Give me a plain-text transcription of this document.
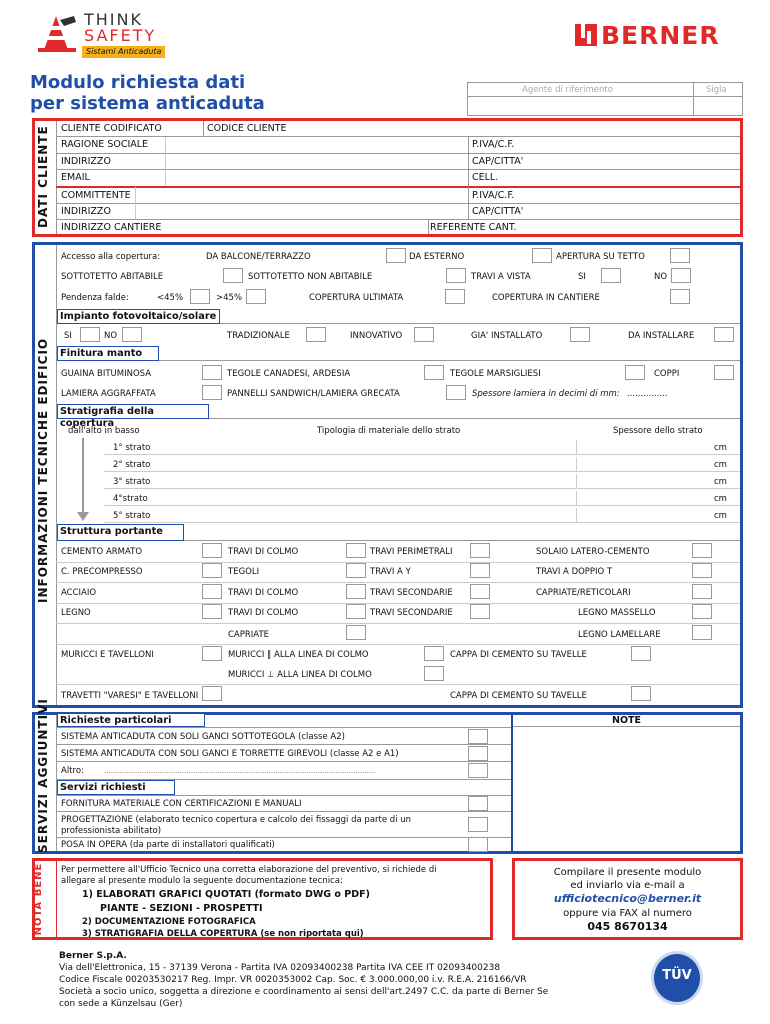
THINK
SAFETY
Sistami Anticaduta
BERNER
Modulo richiesta dati
per sistema anticaduta
Agente di riferimento	Sigla
DATI CLIENTE CLIENTE CODIFICATO	CODICE CLIENTE
RAGIONE SOCIALE	P.IVA/C.F.
INDIRIZZO	CAP/CITTA'
EMAIL	CELL.
COMMITTENTE	P.IVA/C.F.
INDIRIZZO	CAP/CITTA'
INDIRIZZO CANTIERE	REFERENTE CANT.
INFORMAZIONI TECNICHE EDIFICIO
Accesso alla copertura:	DA BALCONE/TERRAZZO	DA ESTERNO	APERTURA SU TETTO
SOTTOTETTO ABITABILE	SOTTOTETTO NON ABITABILE	TRAVI A VISTA	SI	NO
Pendenza falde:	<45%	>45%	COPERTURA ULTIMATA	COPERTURA IN CANTIERE
Impianto fotovoltaico/solare
SI	NO	TRADIZIONALE	INNOVATIVO	GIA' INSTALLATO	DA INSTALLARE
Finitura manto
GUAINA BITUMINOSA	TEGOLE CANADESI, ARDESIA	TEGOLE MARSIGLIESI	COPPI
LAMIERA AGGRAFFATA	PANNELLI SANDWICH/LAMIERA GRECATA	Spessore lamiera in decimi di mm: ...............
Stratigrafia della copertura
dall'alto in basso	Tipologia di materiale dello strato	Spessore dello strato
1° strato	cm
2° strato	cm
3° strato	cm
4°strato	cm
5° strato	cm
Struttura portante
CEMENTO ARMATO	TRAVI DI COLMO	TRAVI PERIMETRALI	SOLAIO LATERO-CEMENTO
C. PRECOMPRESSO	TEGOLI	TRAVI A Y	TRAVI A DOPPIO T
ACCIAIO	TRAVI DI COLMO	TRAVI SECONDARIE	CAPRIATE/RETICOLARI
LEGNO	TRAVI DI COLMO	TRAVI SECONDARIE	LEGNO MASSELLO
CAPRIATE	LEGNO LAMELLARE
MURICCI E TAVELLONI	MURICCI ‖ ALLA LINEA DI COLMO	CAPPA DI CEMENTO SU TAVELLE
MURICCI ⊥ ALLA LINEA DI COLMO
TRAVETTI "VARESI" E TAVELLONI	CAPPA DI CEMENTO SU TAVELLE
SERVIZI AGGIUNTIVI	NOTE
Richieste particolari
SISTEMA ANTICADUTA CON SOLI GANCI SOTTOTEGOLA (classe A2)
SISTEMA ANTICADUTA CON SOLI GANCI E TORRETTE GIREVOLI (classe A2 e A1)
Altro:	..........................................................................................................................
Servizi richiesti
FORNITURA MATERIALE CON CERTIFICAZIONI E MANUALI
PROGETTAZIONE (elaborato tecnico copertura e calcolo dei fissaggi da parte di un
professionista abilitato)
POSA IN OPERA (da parte di installatori qualificati)
NOTA BENE Per permettere all'Ufficio Tecnico una corretta elaborazione del preventivo, si richiede di
allegare al presente modulo la seguente documentazione tecnica:
1) ELABORATI GRAFICI QUOTATI (formato DWG o PDF)
PIANTE - SEZIONI - PROSPETTI
2) DOCUMENTAZIONE FOTOGRAFICA
3) STRATIGRAFIA DELLA COPERTURA (se non riportata qui)
Compilare il presente modulo
ed inviarlo via e-mail a
ufficiotecnico@berner.it
oppure via FAX al numero
045 8670134
Berner S.p.A.
Via dell'Elettronica, 15 - 37139 Verona - Partita IVA 02093400238 Partita IVA CEE IT 02093400238
Codice Fiscale 00203530217 Reg. Impr. VR 0020353002 Cap. Soc. € 3.000.000,00 i.v. R.E.A. 216166/VR
Società a socio unico, soggetta a direzione e coordinamento ai sensi dell'art.2497 C.C. da parte di Berner Se
con sede a Künzelsau (Ger)
TÜV
